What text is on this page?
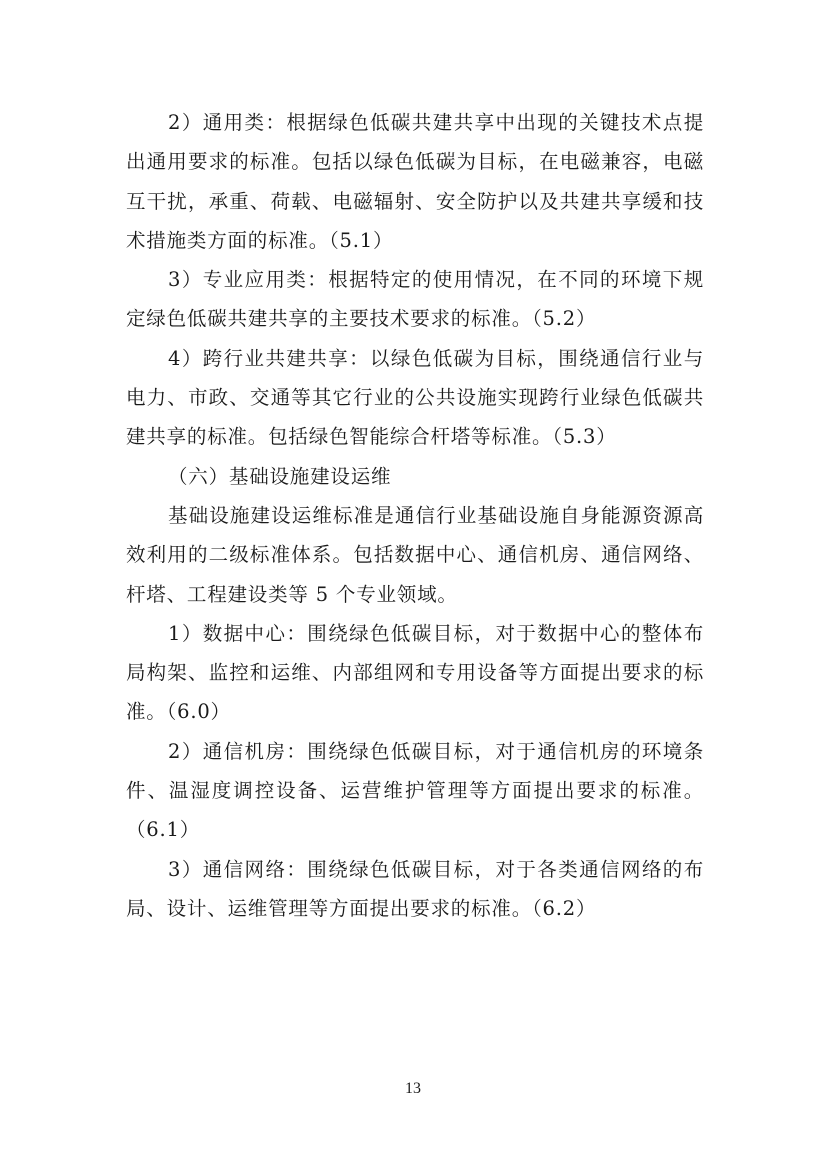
2）通用类：根据绿色低碳共建共享中出现的关键技术点提出通用要求的标准。包括以绿色低碳为目标，在电磁兼容，电磁互干扰，承重、荷载、电磁辐射、安全防护以及共建共享缓和技术措施类方面的标准。（5.1）

3）专业应用类：根据特定的使用情况，在不同的环境下规定绿色低碳共建共享的主要技术要求的标准。（5.2）

4）跨行业共建共享：以绿色低碳为目标，围绕通信行业与电力、市政、交通等其它行业的公共设施实现跨行业绿色低碳共建共享的标准。包括绿色智能综合杆塔等标准。（5.3）

（六）基础设施建设运维

基础设施建设运维标准是通信行业基础设施自身能源资源高效利用的二级标准体系。包括数据中心、通信机房、通信网络、杆塔、工程建设类等 5 个专业领域。

1）数据中心：围绕绿色低碳目标，对于数据中心的整体布局构架、监控和运维、内部组网和专用设备等方面提出要求的标准。（6.0）

2）通信机房：围绕绿色低碳目标，对于通信机房的环境条件、温湿度调控设备、运营维护管理等方面提出要求的标准。（6.1）

3）通信网络：围绕绿色低碳目标，对于各类通信网络的布局、设计、运维管理等方面提出要求的标准。（6.2）

13
